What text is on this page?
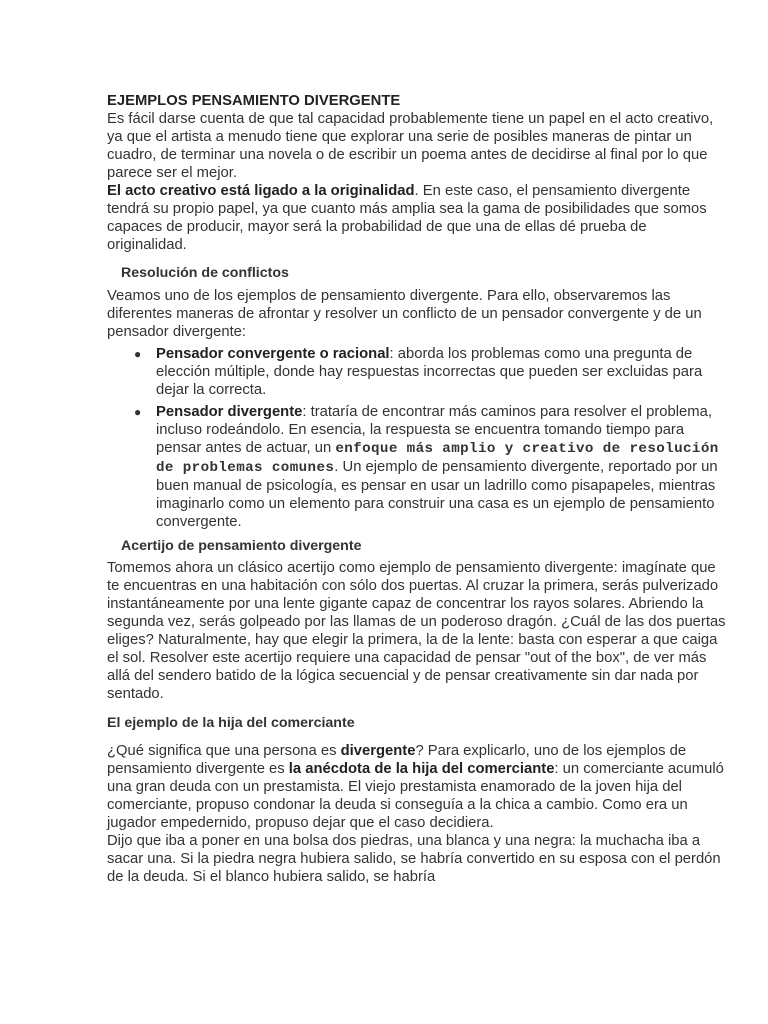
EJEMPLOS PENSAMIENTO DIVERGENTE

Es fácil darse cuenta de que tal capacidad probablemente tiene un papel en el acto creativo, ya que el artista a menudo tiene que explorar una serie de posibles maneras de pintar un cuadro, de terminar una novela o de escribir un poema antes de decidirse al final por lo que parece ser el mejor.

El acto creativo está ligado a la originalidad. En este caso, el pensamiento divergente tendrá su propio papel, ya que cuanto más amplia sea la gama de posibilidades que somos capaces de producir, mayor será la probabilidad de que una de ellas dé prueba de originalidad.

Resolución de conflictos

Veamos uno de los ejemplos de pensamiento divergente. Para ello, observaremos las diferentes maneras de afrontar y resolver un conflicto de un pensador convergente y de un pensador divergente:

● Pensador convergente o racional: aborda los problemas como una pregunta de elección múltiple, donde hay respuestas incorrectas que pueden ser excluidas para dejar la correcta.
● Pensador divergente: trataría de encontrar más caminos para resolver el problema, incluso rodeándolo. En esencia, la respuesta se encuentra tomando tiempo para pensar antes de actuar, un enfoque más amplio y creativo de resolución de problemas comunes. Un ejemplo de pensamiento divergente, reportado por un buen manual de psicología, es pensar en usar un ladrillo como pisapapeles, mientras imaginarlo como un elemento para construir una casa es un ejemplo de pensamiento convergente.
Acertijo de pensamiento divergente

Tomemos ahora un clásico acertijo como ejemplo de pensamiento divergente: imagínate que te encuentras en una habitación con sólo dos puertas. Al cruzar la primera, serás pulverizado instantáneamente por una lente gigante capaz de concentrar los rayos solares. Abriendo la segunda vez, serás golpeado por las llamas de un poderoso dragón. ¿Cuál de las dos puertas eliges? Naturalmente, hay que elegir la primera, la de la lente: basta con esperar a que caiga el sol. Resolver este acertijo requiere una capacidad de pensar "out of the box", de ver más allá del sendero batido de la lógica secuencial y de pensar creativamente sin dar nada por sentado.

El ejemplo de la hija del comerciante

¿Qué significa que una persona es divergente? Para explicarlo, uno de los ejemplos de pensamiento divergente es la anécdota de la hija del comerciante: un comerciante acumuló una gran deuda con un prestamista. El viejo prestamista enamorado de la joven hija del comerciante, propuso condonar la deuda si conseguía a la chica a cambio. Como era un jugador empedernido, propuso dejar que el caso decidiera.

Dijo que iba a poner en una bolsa dos piedras, una blanca y una negra: la muchacha iba a sacar una. Si la piedra negra hubiera salido, se habría convertido en su esposa con el perdón de la deuda. Si el blanco hubiera salido, se habría
